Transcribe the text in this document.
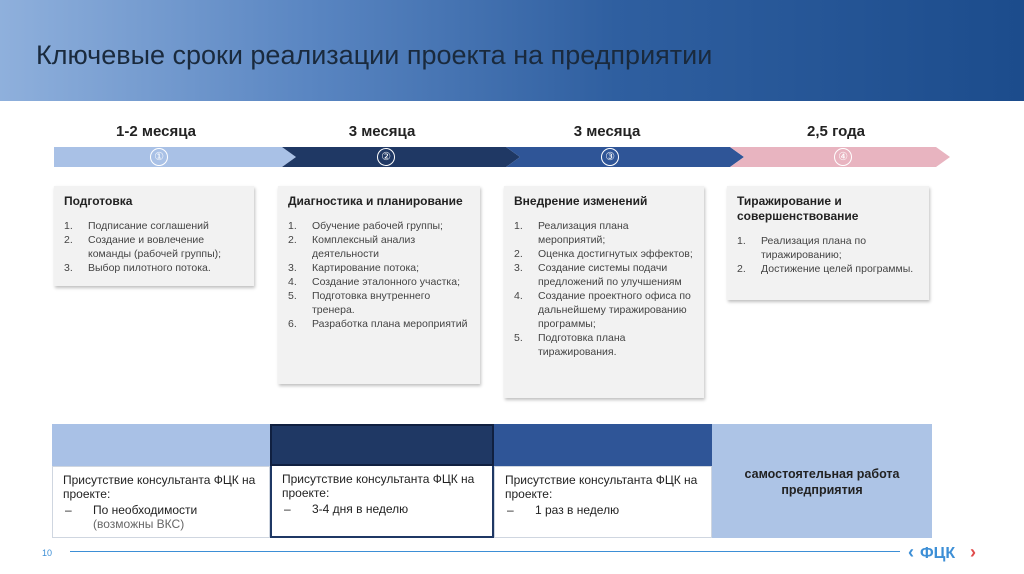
Ключевые сроки реализации проекта на предприятии
1-2 месяца	3 месяца	3 месяца	2,5 года
①	②	③	④
Подготовка
1.	Подписание соглашений
2.	Создание и вовлечение команды (рабочей группы);
3.	Выбор пилотного потока.
Диагностика и планирование
1.	Обучение рабочей группы;
2.	Комплексный анализ деятельности
3.	Картирование потока;
4.	Создание эталонного участка;
5.	Подготовка внутреннего тренера.
6.	Разработка плана мероприятий
Внедрение изменений
1.	Реализация плана мероприятий;
2.	Оценка достигнутых эффектов;
3.	Создание системы подачи предложений по улучшениям
4.	Создание проектного офиса по дальнейшему тиражированию программы;
5.	Подготовка плана тиражирования.
Тиражирование и совершенствование
1.	Реализация плана по тиражированию;
2.	Достижение целей программы.
Присутствие консультанта ФЦК на проекте:
–	По необходимости
(возможны ВКС)
Присутствие консультанта ФЦК на проекте:
–	3-4 дня в неделю
Присутствие консультанта ФЦК на проекте:
–	1 раз в неделю
самостоятельная работа предприятия
10	‹ ФЦК ›
